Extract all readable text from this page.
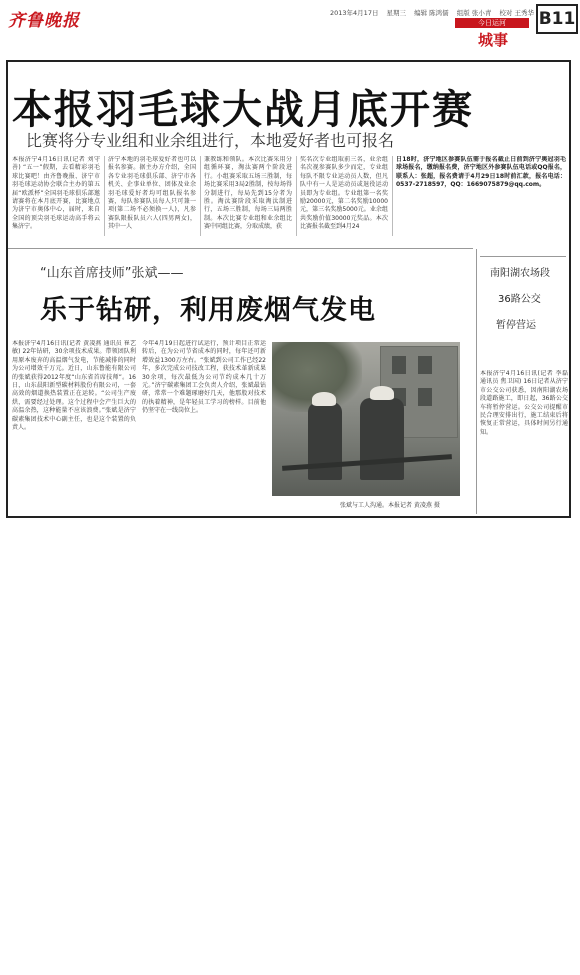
齐鲁晚报	2013年4月17日 星期三 编辑 陈鸿儒 组版 张小青 校对 王秀华
今日运河
城事
B11
本报羽毛球大战月底开赛
比赛将分专业组和业余组进行，本地爱好者也可报名
本报济宁4月16日讯(记者 刘守善) “五一”假期，去看精彩羽毛球比赛吧！由齐鲁晚报、济宁市羽毛球运动协会联合主办的第五届“欧派杯”全国羽毛球俱乐部邀请赛将在本月底开赛，比赛地点为济宁市奥体中心，届时，来自全国的顶尖羽毛球运动高手将云集济宁。
济宁本地的羽毛球爱好者也可以报名参赛。据主办方介绍，全国各专业羽毛球俱乐部、济宁市各机关、企事业单位、团体及业余羽毛球爱好者均可组队报名参赛，每队参赛队员每人只可兼一项(第二场不必须换一人)，凡参赛队限报队员六人(四男两女)，其中一人
兼教练和领队。本次比赛采用分组循环赛，淘汰赛两个阶段进行。小组赛采取五场三胜制，每场比赛采用3局2胜制，按每场得分制进行，每局先到15分者为胜。淘汰赛阶段采取淘汰制进行，五场三胜制，每场三局两胜制。本次比赛专业组和业余组比赛中同组比赛，分取成绩，获
奖名次专业组取前三名，业余组名次视参赛队多少而定，专业组每队不限专业运动员人数，但凡队中有一人是运动员或退役运动员即为专业组。专业组第一名奖励20000元，第二名奖励10000元，第三名奖励5000元。业余组共奖励价值30000元奖品。本次比赛报名截至到4月24
日18时，济宁地区参赛队伍需于报名截止日前到济宁奥冠羽毛球场报名，缴纳报名费，济宁地区外参赛队伍电话或QQ报名，联系人：张超，报名费请于4月29日18时前汇款，报名电话：0537-2718597，QQ：1669075879@qq.com。
“山东首席技师”张斌——
乐于钻研，利用废烟气发电
本报济宁4月16日讯(记者 黄凌燕 通讯员 崔艺敏) 22年钻研，30余项技术成果。带领团队利用原本废弃的高温烟气发电，节能减排的同时为公司增效千万元。近日，山东鲁能有限公司的张斌获得2012年度“山东省首席技师”。16日，山东晨阳新型碳材料股份有限公司，一套高效的烟道换热装置正在运转。“公司生产废烘，需要经过处理。这个过程中会产生巨大的高温余热，这种能量不应该浪费。”张斌是济宁碳素集团技术中心副主任，也是这个装置的负责人。
今年4月19日起进行试运行，预计项目正常运转后，在为公司节省成本的同时，每年还可新增效益1300万左右。“张斌到公司工作已经22年，多次完成公司技改工程，获技术革新成果30余项，每次最低为公司节约成本几十万元。”济宁碳素集团工会负责人介绍，张斌最钻研，常常一个难题琢磨好几天，他那股对技术的执着精神，是年轻员工学习的榜样。目前他仍坚守在一线岗位上。
张斌与工人沟通。本报记者 黄凌燕 摄
南阳湖农场段
36路公交
暂停营运
本报济宁4月16日讯(记者 李磊 通讯员 焦卫国) 16日记者从济宁市公交公司获悉，因南阳湖农场段道路施工，即日起，36路公交车将暂停营运。公交公司提醒市民合理安排出行，施工结束后将恢复正常营运，具体时间另行通知。
